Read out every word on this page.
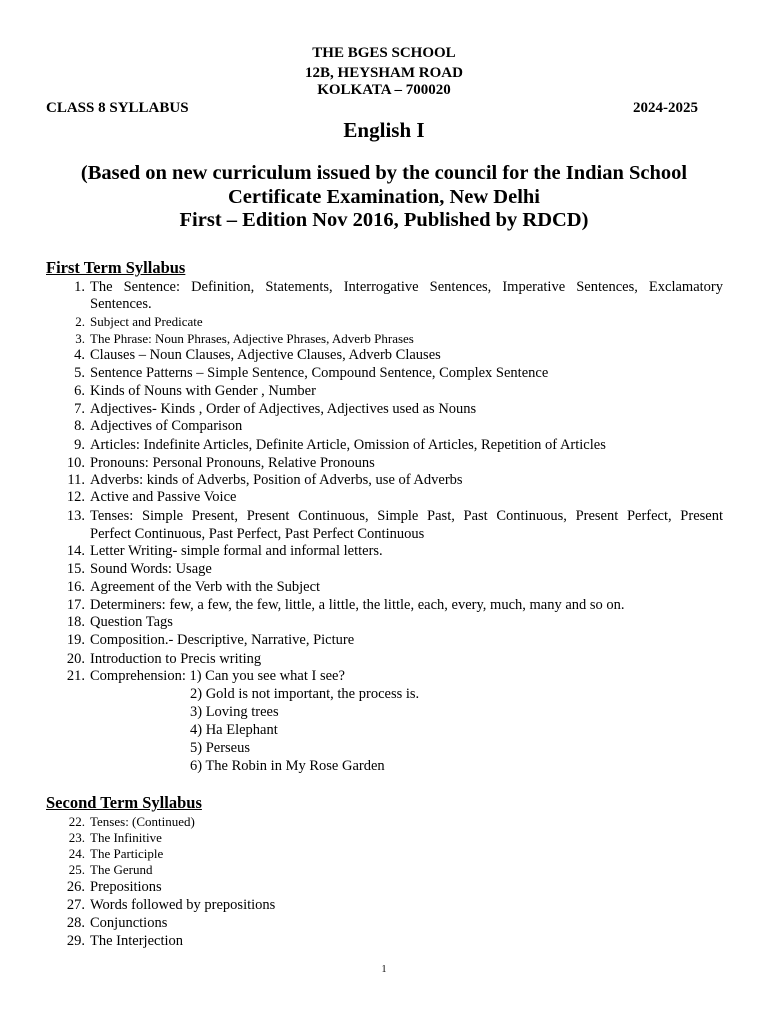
THE BGES SCHOOL
12B, HEYSHAM ROAD
KOLKATA – 700020
CLASS 8 SYLLABUS	2024-2025
English I
(Based on new curriculum issued by the council for the Indian School
Certificate Examination, New Delhi
First – Edition Nov 2016, Published by RDCD)
First Term Syllabus
1. The Sentence: Definition, Statements, Interrogative Sentences, Imperative Sentences, Exclamatory
Sentences.
2. Subject and Predicate
3. The Phrase: Noun Phrases, Adjective Phrases, Adverb Phrases
4. Clauses – Noun Clauses, Adjective Clauses, Adverb Clauses
5. Sentence Patterns – Simple Sentence, Compound Sentence, Complex Sentence
6. Kinds of Nouns with Gender , Number
7. Adjectives- Kinds , Order of Adjectives, Adjectives used as Nouns
8. Adjectives of Comparison
9. Articles: Indefinite Articles, Definite Article, Omission of Articles, Repetition of Articles
10. Pronouns: Personal Pronouns, Relative Pronouns
11. Adverbs: kinds of Adverbs, Position of Adverbs, use of Adverbs
12. Active and Passive Voice
13. Tenses: Simple Present, Present Continuous, Simple Past, Past Continuous, Present Perfect, Present
Perfect Continuous, Past Perfect, Past Perfect Continuous
14. Letter Writing- simple formal and informal letters.
15. Sound Words: Usage
16. Agreement of the Verb with the Subject
17. Determiners: few, a few, the few, little, a little, the little, each, every, much, many and so on.
18. Question Tags
19. Composition.- Descriptive, Narrative, Picture
20. Introduction to Precis writing
21. Comprehension: 1) Can you see what I see?
2) Gold is not important, the process is.
3) Loving trees
4) Ha Elephant
5) Perseus
6) The Robin in My Rose Garden
Second Term Syllabus
22. Tenses: (Continued)
23. The Infinitive
24. The Participle
25. The Gerund
26. Prepositions
27. Words followed by prepositions
28. Conjunctions
29. The Interjection
1
